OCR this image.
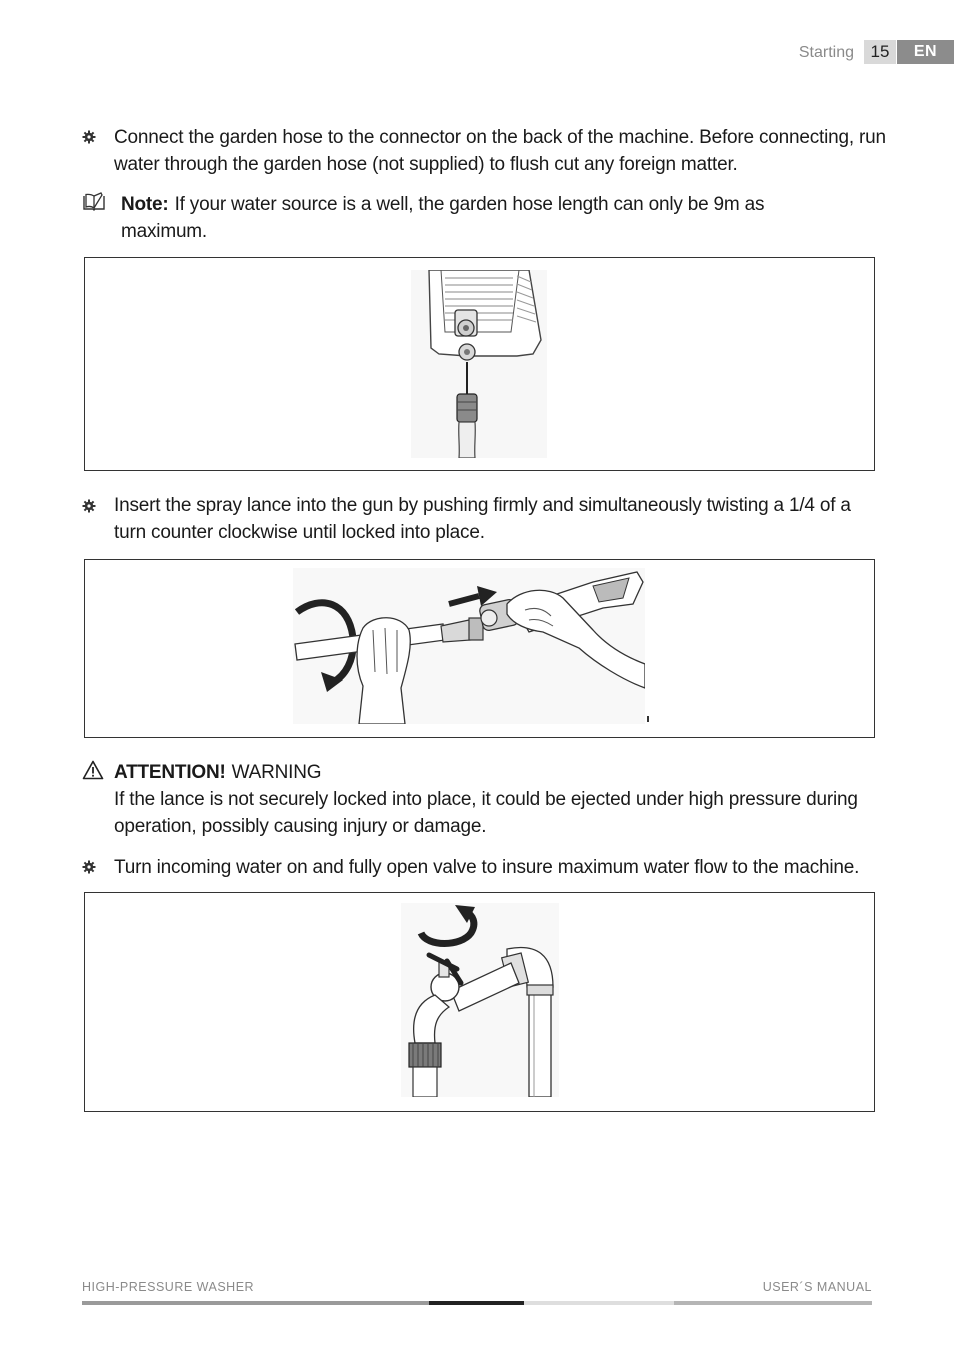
Starting 15	EN
Connect the garden hose to the connector on the back of the machine. Before connecting, run
water through the garden hose (not supplied) to flush cut any foreign matter.
Note: If your water source is a well, the garden hose length can only be 9m as
maximum.
Insert the spray lance into the gun by pushing firmly and simultaneously twisting a 1/4 of a
turn counter clockwise until locked into place.
ATTENTION! WARNING
If the lance is not securely locked into place, it could be ejected under high pressure during
operation, possibly causing injury or damage.
Turn incoming water on and fully open valve to insure maximum water flow to the machine.
HIGH-PRESSURE WASHER	USER´S MANUAL
